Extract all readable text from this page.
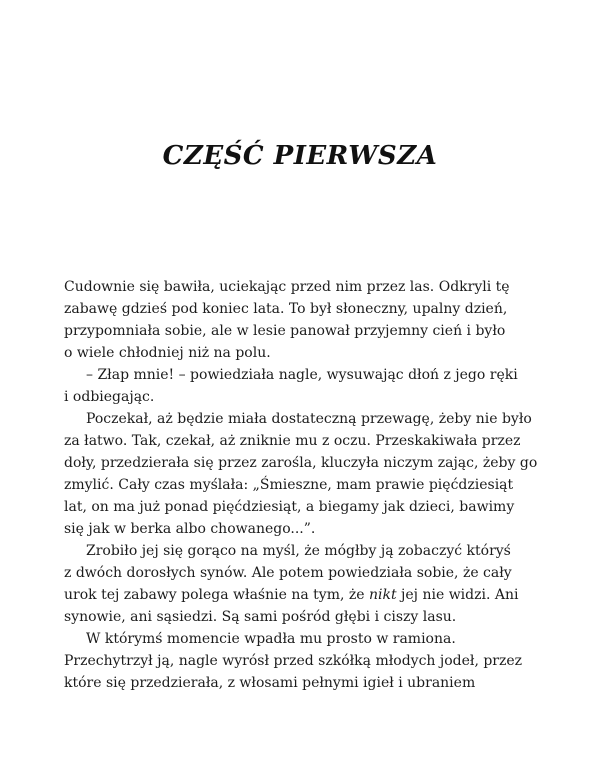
CZĘŚĆ PIERWSZA

Cudownie się bawiła, uciekając przed nim przez las. Odkryli tę
zabawę gdzieś pod koniec lata. To był słoneczny, upalny dzień,
przypomniała sobie, ale w lesie panował przyjemny cień i było
o wiele chłodniej niż na polu.

– Złap mnie! – powiedziała nagle, wysuwając dłoń z jego ręki
i odbiegając.

Poczekał, aż będzie miała dostateczną przewagę, żeby nie było
za łatwo. Tak, czekał, aż zniknie mu z oczu. Przeskakiwała przez
doły, przedzierała się przez zarośla, kluczyła niczym zając, żeby go
zmylić. Cały czas myślała: „Śmieszne, mam prawie pięćdziesiąt
lat, on ma już ponad pięćdziesiąt, a biegamy jak dzieci, bawimy
się jak w berka albo chowanego...”.

Zrobiło jej się gorąco na myśl, że mógłby ją zobaczyć któryś
z dwóch dorosłych synów. Ale potem powiedziała sobie, że cały
urok tej zabawy polega właśnie na tym, że nikt jej nie widzi. Ani
synowie, ani sąsiedzi. Są sami pośród głębi i ciszy lasu.

W którymś momencie wpadła mu prosto w ramiona.
Przechytrzył ją, nagle wyrósł przed szkółką młodych jodeł, przez
które się przedzierała, z włosami pełnymi igieł i ubraniem
